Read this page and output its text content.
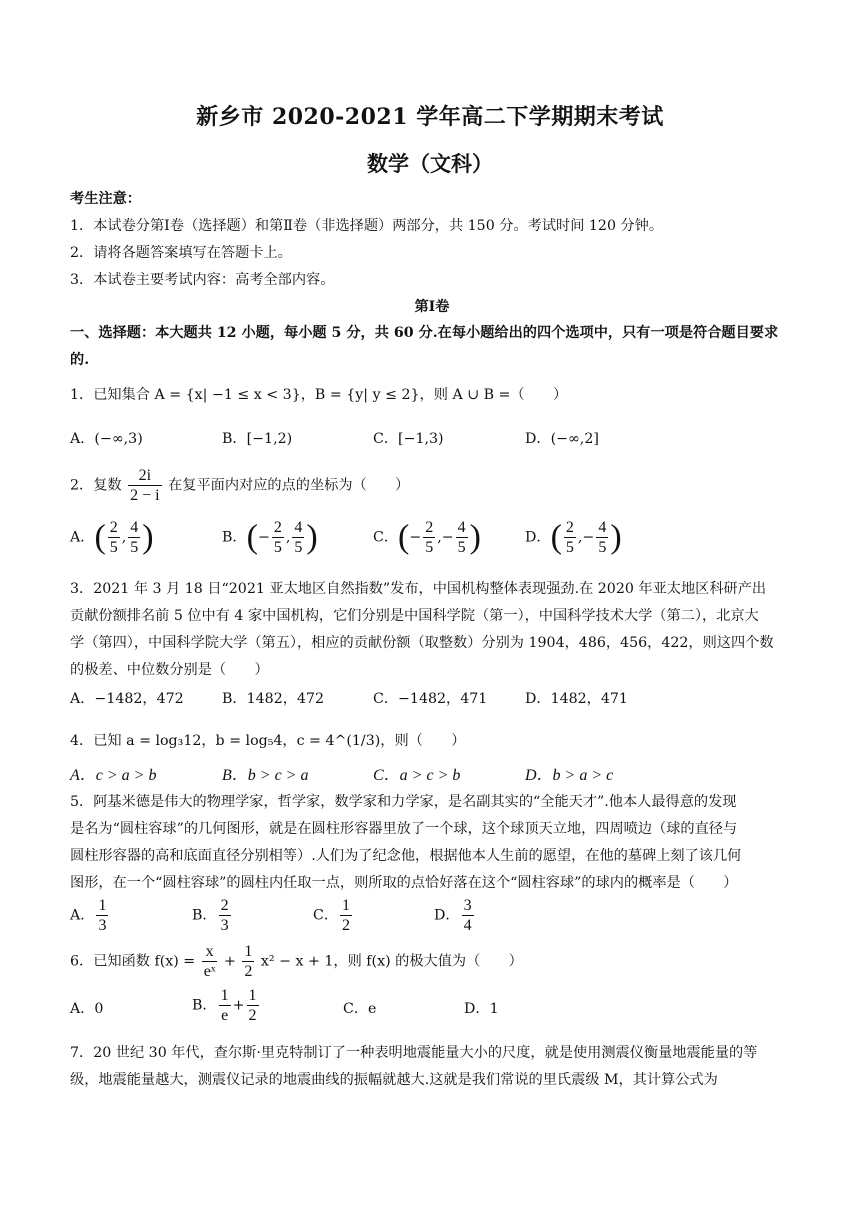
新乡市 2020-2021 学年高二下学期期末考试
数学（文科）
考生注意：
1．本试卷分第Ⅰ卷（选择题）和第Ⅱ卷（非选择题）两部分，共 150 分。考试时间 120 分钟。
2．请将各题答案填写在答题卡上。
3．本试卷主要考试内容：高考全部内容。
第Ⅰ卷
一、选择题：本大题共 12 小题，每小题 5 分，共 60 分.在每小题给出的四个选项中，只有一项是符合题目要求的.
1．已知集合 A = {x| −1 ≤ x < 3}，B = {y| y ≤ 2}，则 A ∪ B =（　　）
A．(−∞,3)	B．[−1,2)	C．[−1,3)	D．(−∞,2]
2．复数 $\frac{2i}{2 - i}$ 在复平面内对应的点的坐标为（　　）
A．( $\frac{2}{5}$ , $\frac{4}{5}$ )	B．(− $\frac{2}{5}$ , $\frac{4}{5}$ )	C．(− $\frac{2}{5}$ ,− $\frac{4}{5}$ )	D．( $\frac{2}{5}$ ,− $\frac{4}{5}$ )
3．2021 年 3 月 18 日“2021 亚太地区自然指数”发布，中国机构整体表现强劲.在 2020 年亚太地区科研产出
贡献份额排名前 5 位中有 4 家中国机构，它们分别是中国科学院（第一），中国科学技术大学（第二），北京大
学（第四），中国科学院大学（第五），相应的贡献份额（取整数）分别为 1904，486，456，422，则这四个数
的极差、中位数分别是（　　）
A．−1482，472	B．1482，472	C．−1482，471	D．1482，471
4．已知 a = log₃12，b = log₅4，c = 4^(1/3)，则（　　）
A．c > a > b	B．b > c > a	C．a > c > b	D．b > a > c
5．阿基米德是伟大的物理学家，哲学家，数学家和力学家，是名副其实的“全能天才”.他本人最得意的发现
是名为“圆柱容球”的几何图形，就是在圆柱形容器里放了一个球，这个球顶天立地，四周喷边（球的直径与
圆柱形容器的高和底面直径分别相等）.人们为了纪念他，根据他本人生前的愿望，在他的墓碑上刻了该几何
图形，在一个“圆柱容球”的圆柱内任取一点，则所取的点恰好落在这个“圆柱容球”的球内的概率是（　　）
A． $\frac{1}{3}$	B． $\frac{2}{3}$	C． $\frac{1}{2}$	D． $\frac{3}{4}$
6．已知函数 $f(x) = \frac{x}{\text{eˣ}} + \frac{1}{2} x^2 - x + 1$，则 f(x) 的极大值为（　　）
A．0	B． $\frac{1}{e} + \frac{1}{2}$	C．e	D．1
7．20 世纪 30 年代，查尔斯·里克特制订了一种表明地震能量大小的尺度，就是使用测震仪衡量地震能量的等
级，地震能量越大，测震仪记录的地震曲线的振幅就越大.这就是我们常说的里氏震级 M，其计算公式为
